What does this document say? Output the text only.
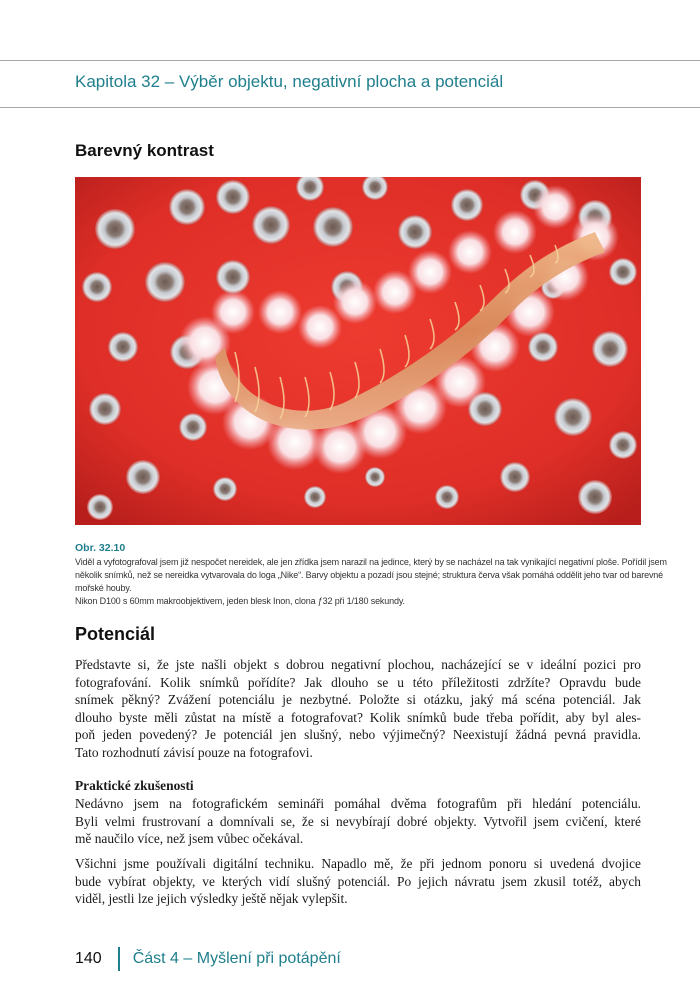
Kapitola 32 – Výběr objektu, negativní plocha a potenciál
Barevný kontrast
Obr. 32.10
Viděl a vyfotografoval jsem již nespočet nereidek, ale jen zřídka jsem narazil na jedince, který by se nacházel na tak vynikající negativní ploše. Pořídil jsem
několik snímků, než se nereidka vytvarovala do loga „Nike“. Barvy objektu a pozadí jsou stejné; struktura červa však pomáhá oddělit jeho tvar od barevné
mořské houby.
Nikon D100 s 60mm makroobjektivem, jeden blesk Inon, clona ƒ32 při 1/180 sekundy.
Potenciál
Představte si, že jste našli objekt s dobrou negativní plochou, nacházející se v ideální pozici pro
fotografování. Kolik snímků pořídíte? Jak dlouho se u této příležitosti zdržíte? Opravdu bude
snímek pěkný? Zvážení potenciálu je nezbytné. Položte si otázku, jaký má scéna potenciál. Jak
dlouho byste měli zůstat na místě a fotografovat? Kolik snímků bude třeba pořídit, aby byl ales-
poň jeden povedený? Je potenciál jen slušný, nebo výjimečný? Neexistují žádná pevná pravidla.
Tato rozhodnutí závisí pouze na fotografovi.
Praktické zkušenosti
Nedávno jsem na fotografickém semináři pomáhal dvěma fotografům při hledání potenciálu.
Byli velmi frustrovaní a domnívali se, že si nevybírají dobré objekty. Vytvořil jsem cvičení, které
mě naučilo více, než jsem vůbec očekával.
Všichni jsme používali digitální techniku. Napadlo mě, že při jednom ponoru si uvedená dvojice
bude vybírat objekty, ve kterých vidí slušný potenciál. Po jejich návratu jsem zkusil totéž, abych
viděl, jestli lze jejich výsledky ještě nějak vylepšit.
140 Část 4 – Myšlení při potápění
